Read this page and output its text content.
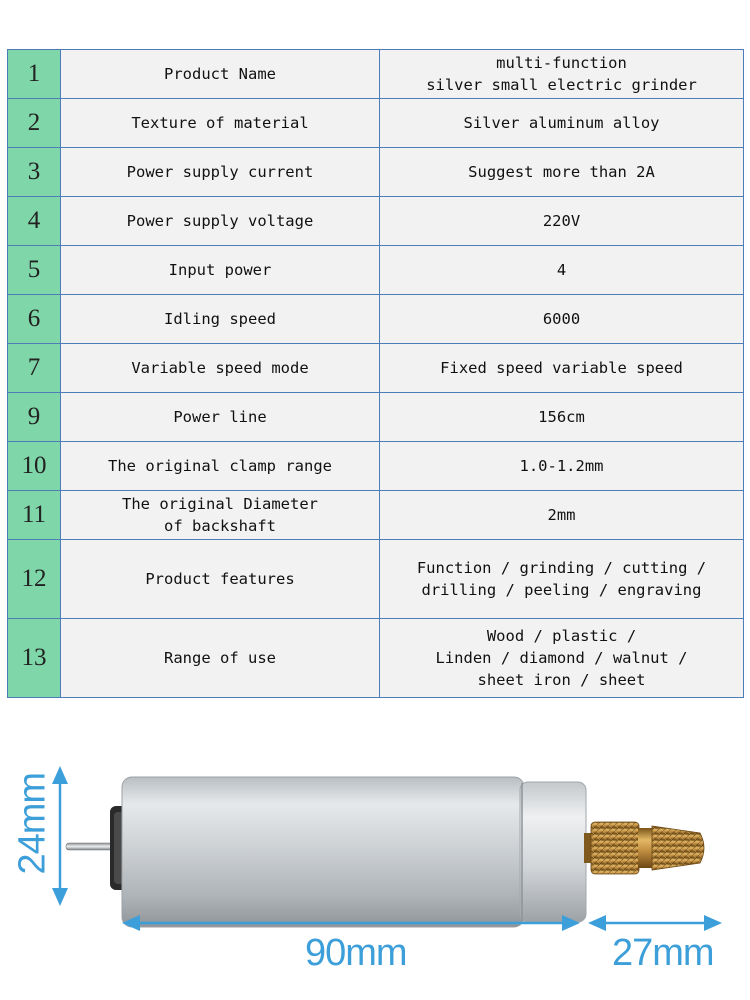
1	Product Name	multi-function
silver small electric grinder

2	Texture of material	Silver aluminum alloy

3	Power supply current	Suggest more than 2A

4	Power supply voltage	220V

5	Input power	4

6	Idling speed	6000

7	Variable speed mode	Fixed speed variable speed

9	Power line	156cm

10	The original clamp range	1.0-1.2mm

11	The original Diameter
of backshaft	2mm

12	Product features	Function / grinding / cutting /
drilling / peeling / engraving

13	Range of use	Wood / plastic /
Linden / diamond / walnut /
sheet iron / sheet
24mm
90mm	27mm
